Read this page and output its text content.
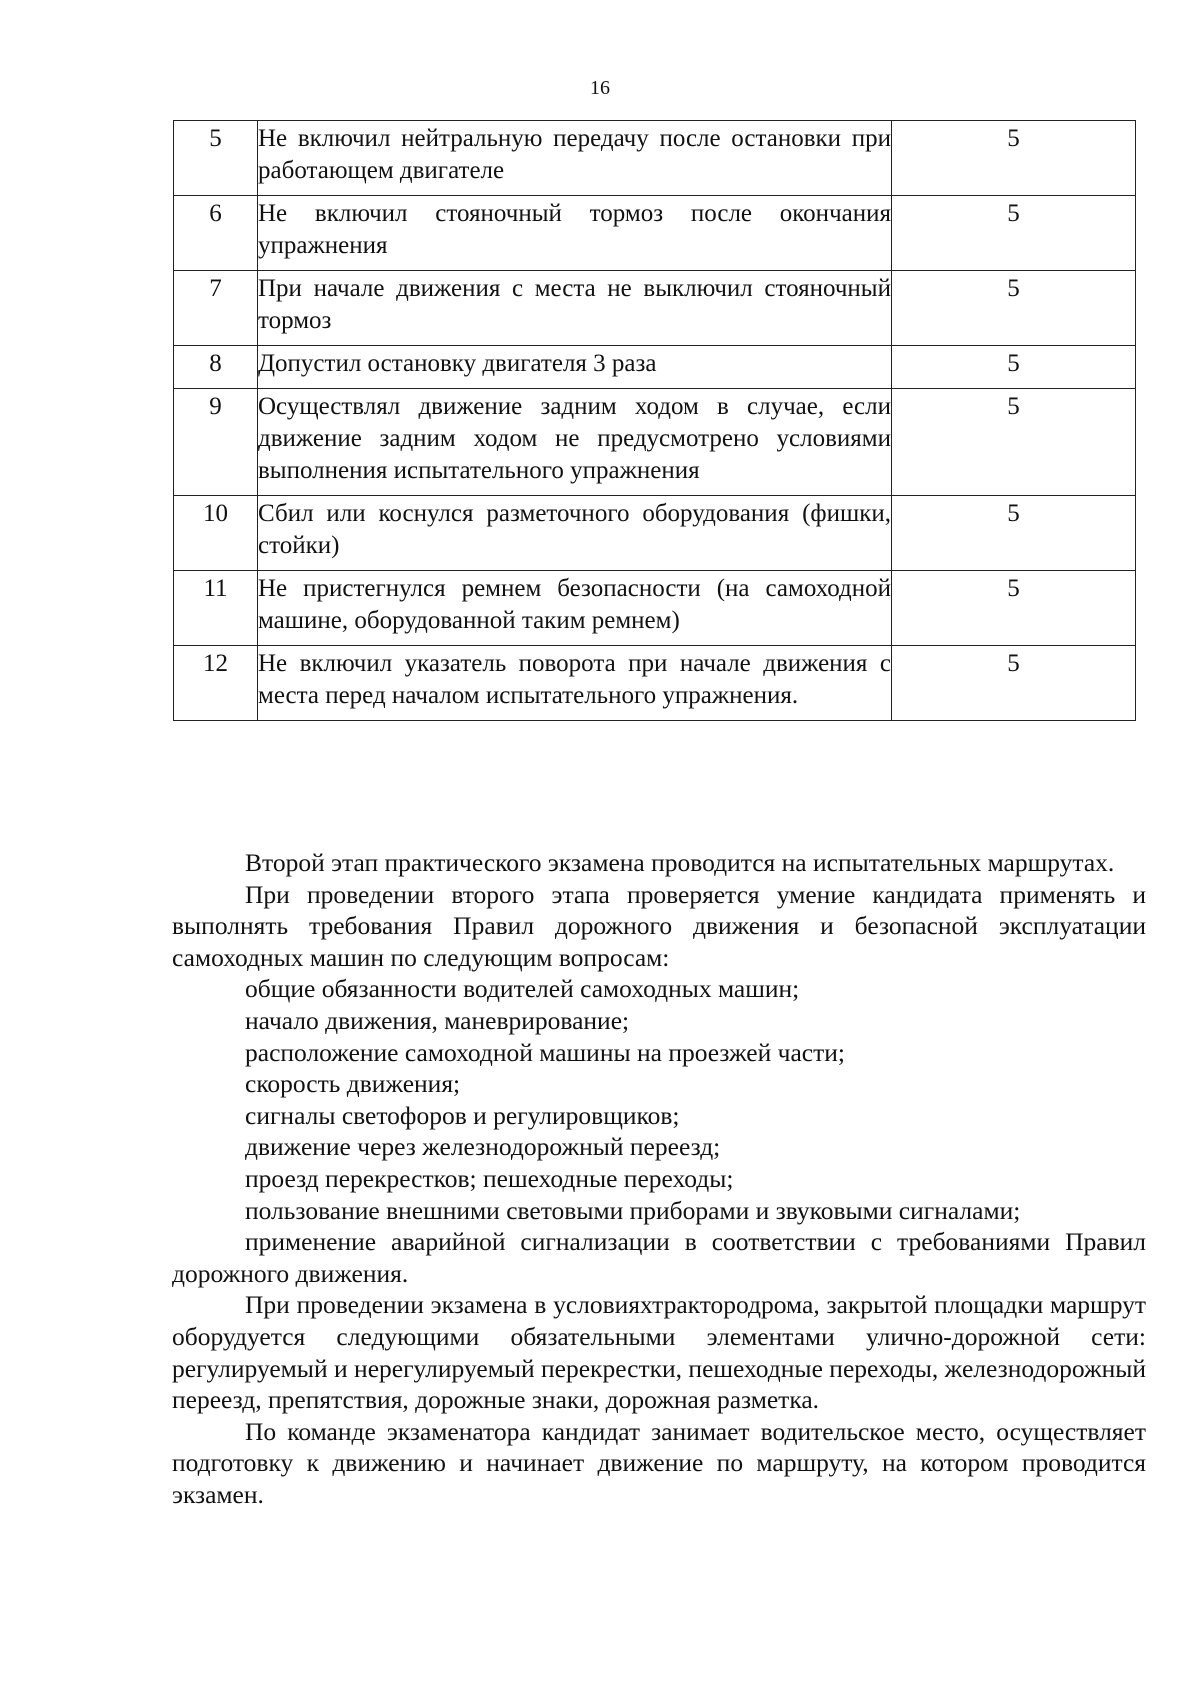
16
5	Не включил нейтральную передачу после остановки при работающем двигателе	5
6	Не включил стояночный тормоз после окончания упражнения	5
7	При начале движения с места не выключил стояночный тормоз	5
8	Допустил остановку двигателя 3 раза	5
9	Осуществлял движение задним ходом в случае, если движение задним ходом не предусмотрено условиями выполнения испытательного упражнения	5
10	Сбил или коснулся разметочного оборудования (фишки, стойки)	5
11	Не пристегнулся ремнем безопасности (на самоходной машине, оборудованной таким ремнем)	5
12	Не включил указатель поворота при начале движения с места перед началом испытательного упражнения.	5

Второй этап практического экзамена проводится на испытательных маршрутах.

При проведении второго этапа проверяется умение кандидата применять и выполнять требования Правил дорожного движения и безопасной эксплуатации самоходных машин по следующим вопросам:

общие обязанности водителей самоходных машин;
начало движения, маневрирование;
расположение самоходной машины на проезжей части;
скорость движения;
сигналы светофоров и регулировщиков;
движение через железнодорожный переезд;
проезд перекрестков; пешеходные переходы;
пользование внешними световыми приборами и звуковыми сигналами;
применение аварийной сигнализации в соответствии с требованиями Правил дорожного движения.

При проведении экзамена в условияхтрактородрома, закрытой площадки маршрут оборудуется следующими обязательными элементами улично-дорожной сети: регулируемый и нерегулируемый перекрестки, пешеходные переходы, железнодорожный переезд, препятствия, дорожные знаки, дорожная разметка.

По команде экзаменатора кандидат занимает водительское место, осуществляет подготовку к движению и начинает движение по маршруту, на котором проводится экзамен.
